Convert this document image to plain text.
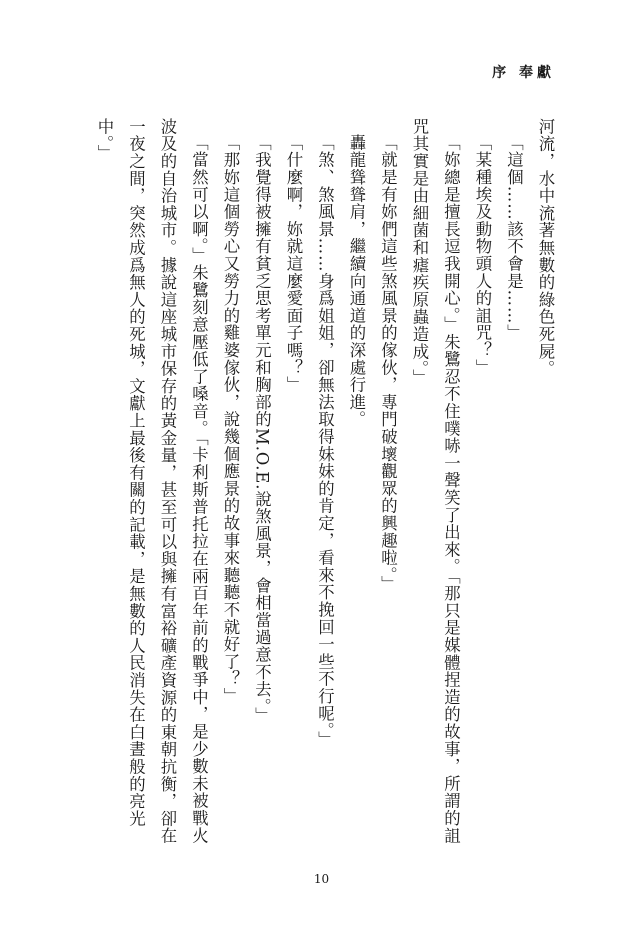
序 奉獻

河流，水中流著無數的綠色死屍。

「這個……該不會是……」

「某種埃及動物頭人的詛咒？」

「妳總是擅長逗我開心。」朱鷺忍不住噗哧一聲笑了出來。「那只是媒體捏造的故事，所謂的詛咒其實是由細菌和瘧疾原蟲造成。」

「就是有妳們這些煞風景的傢伙，專門破壞觀眾的興趣啦。」

轟龍聳聳肩，繼續向通道的深處行進。

「煞、煞風景……身爲姐姐，卻無法取得妹妹的肯定，看來不挽回一些不行呢。」

「什麼啊，妳就這麼愛面子嗎？」

「我覺得被擁有貧乏思考單元和胸部的M.O.E.說煞風景，會相當過意不去。」

「那妳這個勞心又勞力的雞婆傢伙，說幾個應景的故事來聽聽不就好了？」

「當然可以啊。」朱鷺刻意壓低了嗓音。「卡利斯普托拉在兩百年前的戰爭中，是少數未被戰火波及的自治城市。據說這座城市保存的黃金量，甚至可以與擁有富裕礦產資源的東朝抗衡，卻在一夜之間，突然成爲無人的死城，文獻上最後有關的記載，是無數的人民消失在白晝般的亮光中。」

10
